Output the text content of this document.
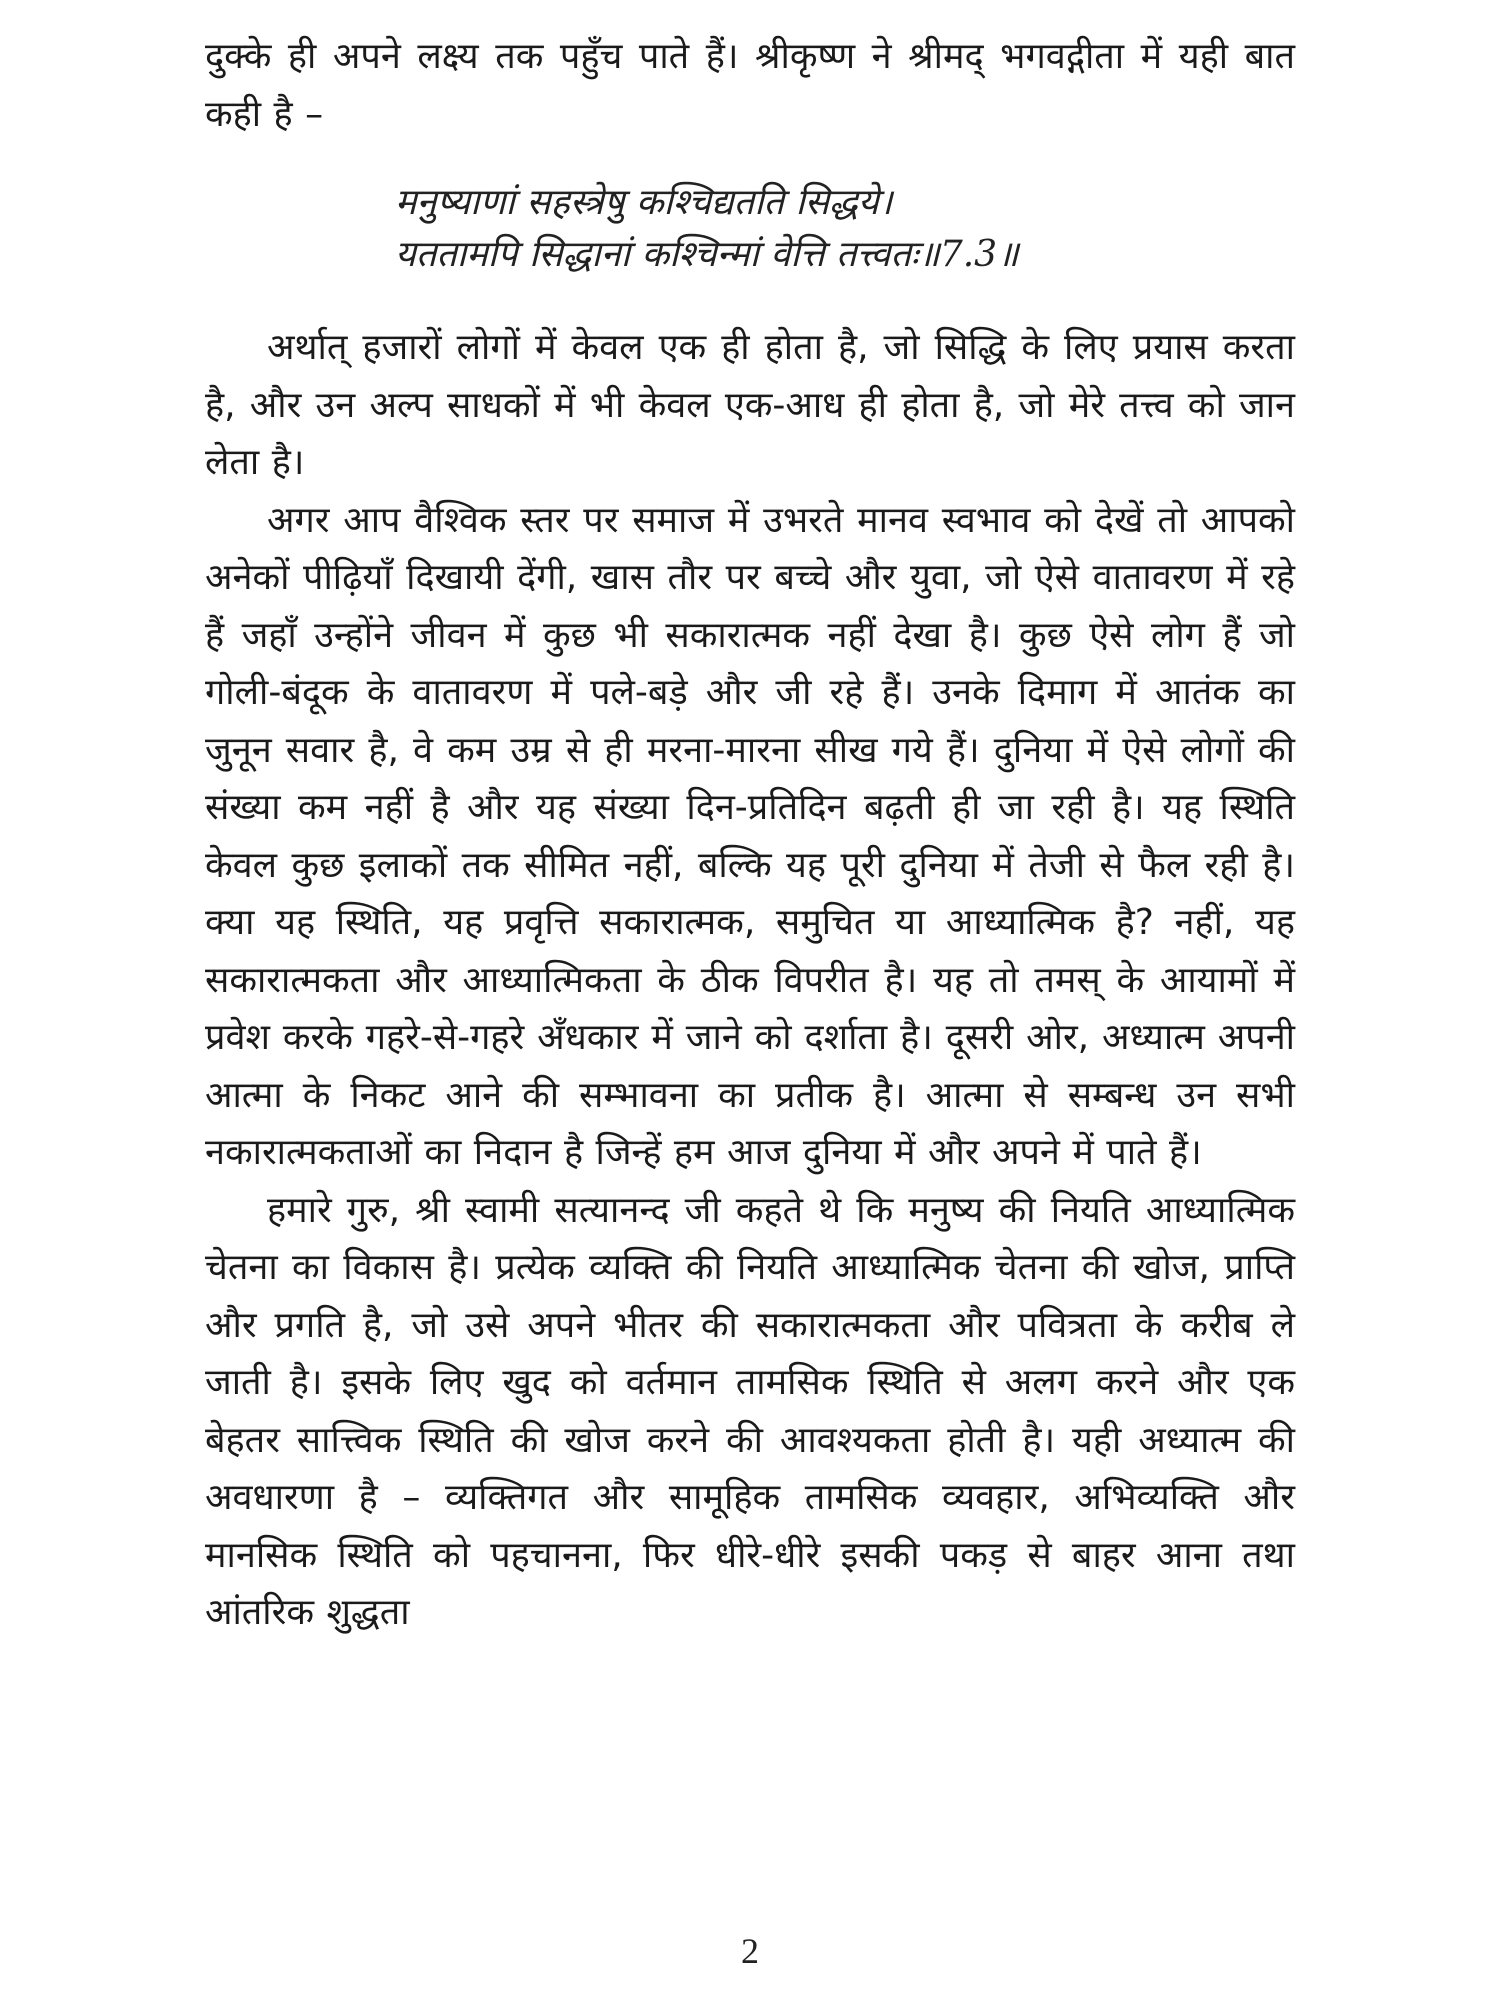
दुक्के ही अपने लक्ष्य तक पहुँच पाते हैं। श्रीकृष्ण ने श्रीमद् भगवद्गीता में यही बात कही है –

मनुष्याणां सहस्त्रेषु कश्चिद्यतति सिद्धये।
यततामपि सिद्धानां कश्चिन्मां वेत्ति तत्त्वतः॥7.3॥

अर्थात् हजारों लोगों में केवल एक ही होता है, जो सिद्धि के लिए प्रयास करता है, और उन अल्प साधकों में भी केवल एक-आध ही होता है, जो मेरे तत्त्व को जान लेता है।

अगर आप वैश्विक स्तर पर समाज में उभरते मानव स्वभाव को देखें तो आपको अनेकों पीढ़ियाँ दिखायी देंगी, खास तौर पर बच्चे और युवा, जो ऐसे वातावरण में रहे हैं जहाँ उन्होंने जीवन में कुछ भी सकारात्मक नहीं देखा है। कुछ ऐसे लोग हैं जो गोली-बंदूक के वातावरण में पले-बड़े और जी रहे हैं। उनके दिमाग में आतंक का जुनून सवार है, वे कम उम्र से ही मरना-मारना सीख गये हैं। दुनिया में ऐसे लोगों की संख्या कम नहीं है और यह संख्या दिन-प्रतिदिन बढ़ती ही जा रही है। यह स्थिति केवल कुछ इलाकों तक सीमित नहीं, बल्कि यह पूरी दुनिया में तेजी से फैल रही है। क्या यह स्थिति, यह प्रवृत्ति सकारात्मक, समुचित या आध्यात्मिक है? नहीं, यह सकारात्मकता और आध्यात्मिकता के ठीक विपरीत है। यह तो तमस् के आयामों में प्रवेश करके गहरे-से-गहरे अँधकार में जाने को दर्शाता है। दूसरी ओर, अध्यात्म अपनी आत्मा के निकट आने की सम्भावना का प्रतीक है। आत्मा से सम्बन्ध उन सभी नकारात्मकताओं का निदान है जिन्हें हम आज दुनिया में और अपने में पाते हैं।

हमारे गुरु, श्री स्वामी सत्यानन्द जी कहते थे कि मनुष्य की नियति आध्यात्मिक चेतना का विकास है। प्रत्येक व्यक्ति की नियति आध्यात्मिक चेतना की खोज, प्राप्ति और प्रगति है, जो उसे अपने भीतर की सकारात्मकता और पवित्रता के करीब ले जाती है। इसके लिए खुद को वर्तमान तामसिक स्थिति से अलग करने और एक बेहतर सात्त्विक स्थिति की खोज करने की आवश्यकता होती है। यही अध्यात्म की अवधारणा है – व्यक्तिगत और सामूहिक तामसिक व्यवहार, अभिव्यक्ति और मानसिक स्थिति को पहचानना, फिर धीरे-धीरे इसकी पकड़ से बाहर आना तथा आंतरिक शुद्धता

2
